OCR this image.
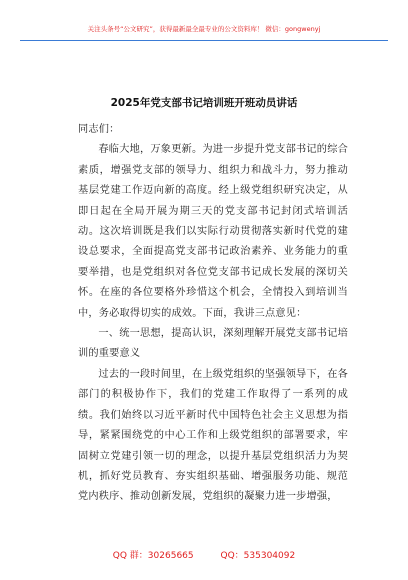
关注头条号“公文研究”，获得最新最全最专业的公文资料库！ 微信：gongwenyj
2025年党支部书记培训班开班动员讲话

同志们：

春临大地，万象更新。为进一步提升党支部书记的综合素质，增强党支部的领导力、组织力和战斗力，努力推动基层党建工作迈向新的高度。经上级党组织研究决定，从即日起在全局开展为期三天的党支部书记封闭式培训活动。这次培训既是我们以实际行动贯彻落实新时代党的建设总要求，全面提高党支部书记政治素养、业务能力的重要举措，也是党组织对各位党支部书记成长发展的深切关怀。在座的各位要格外珍惜这个机会，全情投入到培训当中，务必取得切实的成效。下面，我讲三点意见：

一、统一思想，提高认识，深刻理解开展党支部书记培训的重要意义

过去的一段时间里，在上级党组织的坚强领导下，在各部门的积极协作下，我们的党建工作取得了一系列的成绩。我们始终以习近平新时代中国特色社会主义思想为指导，紧紧围绕党的中心工作和上级党组织的部署要求，牢固树立党建引领一切的理念，以提升基层党组织活力为契机，抓好党员教育、夯实组织基础、增强服务功能、规范党内秩序、推动创新发展，党组织的凝聚力进一步增强，

QQ 群：30265665	QQ：535304092
